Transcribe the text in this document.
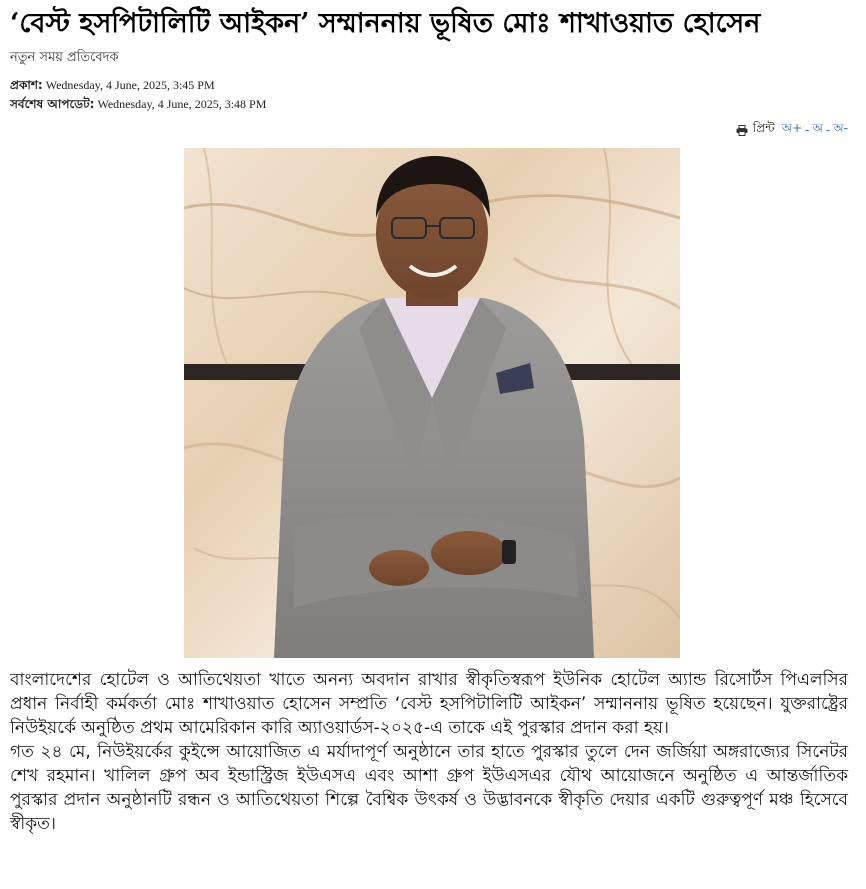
‘বেস্ট হসপিটালিটি আইকন’ সম্মাননায় ভূষিত মোঃ শাখাওয়াত হোসেন
নতুন সময় প্রতিবেদক
প্রকাশ: Wednesday, 4 June, 2025, 3:45 PM
সর্বশেষ আপডেট: Wednesday, 4 June, 2025, 3:48 PM
প্রিন্ট অ+ - অ - অ-

বাংলাদেশের হোটেল ও আতিথেয়তা খাতে অনন্য অবদান রাখার স্বীকৃতিস্বরূপ ইউনিক হোটেল অ্যান্ড রিসোর্টস পিএলসির প্রধান নির্বাহী কর্মকর্তা মোঃ শাখাওয়াত হোসেন সম্প্রতি ‘বেস্ট হসপিটালিটি আইকন’ সম্মাননায় ভূষিত হয়েছেন। যুক্তরাষ্ট্রের নিউইয়র্কে অনুষ্ঠিত প্রথম আমেরিকান কারি অ্যাওয়ার্ডস-২০২৫-এ তাকে এই পুরস্কার প্রদান করা হয়।

গত ২৪ মে, নিউইয়র্কের কুইন্সে আয়োজিত এ মর্যাদাপূর্ণ অনুষ্ঠানে তার হাতে পুরস্কার তুলে দেন জর্জিয়া অঙ্গরাজ্যের সিনেটর শেখ রহমান। খালিল গ্রুপ অব ইন্ডাস্ট্রিজ ইউএসএ এবং আশা গ্রুপ ইউএসএর যৌথ আয়োজনে অনুষ্ঠিত এ আন্তর্জাতিক পুরস্কার প্রদান অনুষ্ঠানটি রন্ধন ও আতিথেয়তা শিল্পে বৈশ্বিক উৎকর্ষ ও উদ্ভাবনকে স্বীকৃতি দেয়ার একটি গুরুত্বপূর্ণ মঞ্চ হিসেবে স্বীকৃত।
